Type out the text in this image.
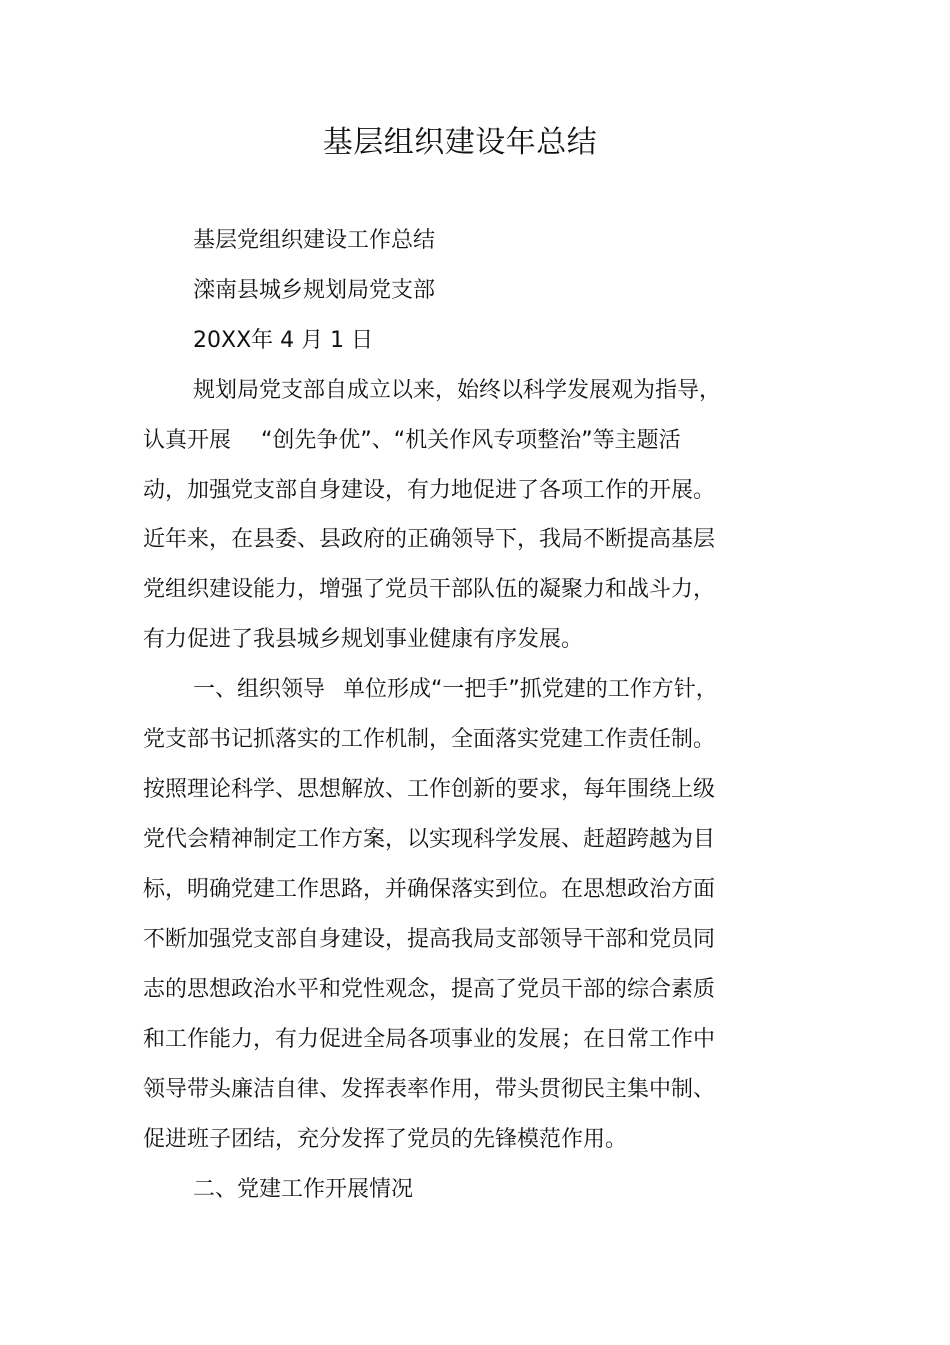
基层组织建设年总结
基层党组织建设工作总结
滦南县城乡规划局党支部
20XX年 4 月 1 日
规划局党支部自成立以来，始终以科学发展观为指导，
认真开展 “创先争优”、“机关作风专项整治”等主题活
动，加强党支部自身建设，有力地促进了各项工作的开展。
近年来，在县委、县政府的正确领导下，我局不断提高基层
党组织建设能力，增强了党员干部队伍的凝聚力和战斗力，
有力促进了我县城乡规划事业健康有序发展。
一、组织领导 单位形成“一把手”抓党建的工作方针，
党支部书记抓落实的工作机制，全面落实党建工作责任制。
按照理论科学、思想解放、工作创新的要求，每年围绕上级
党代会精神制定工作方案，以实现科学发展、赶超跨越为目
标，明确党建工作思路，并确保落实到位。在思想政治方面
不断加强党支部自身建设，提高我局支部领导干部和党员同
志的思想政治水平和党性观念，提高了党员干部的综合素质
和工作能力，有力促进全局各项事业的发展；在日常工作中
领导带头廉洁自律、发挥表率作用，带头贯彻民主集中制、
促进班子团结，充分发挥了党员的先锋模范作用。
二、党建工作开展情况
